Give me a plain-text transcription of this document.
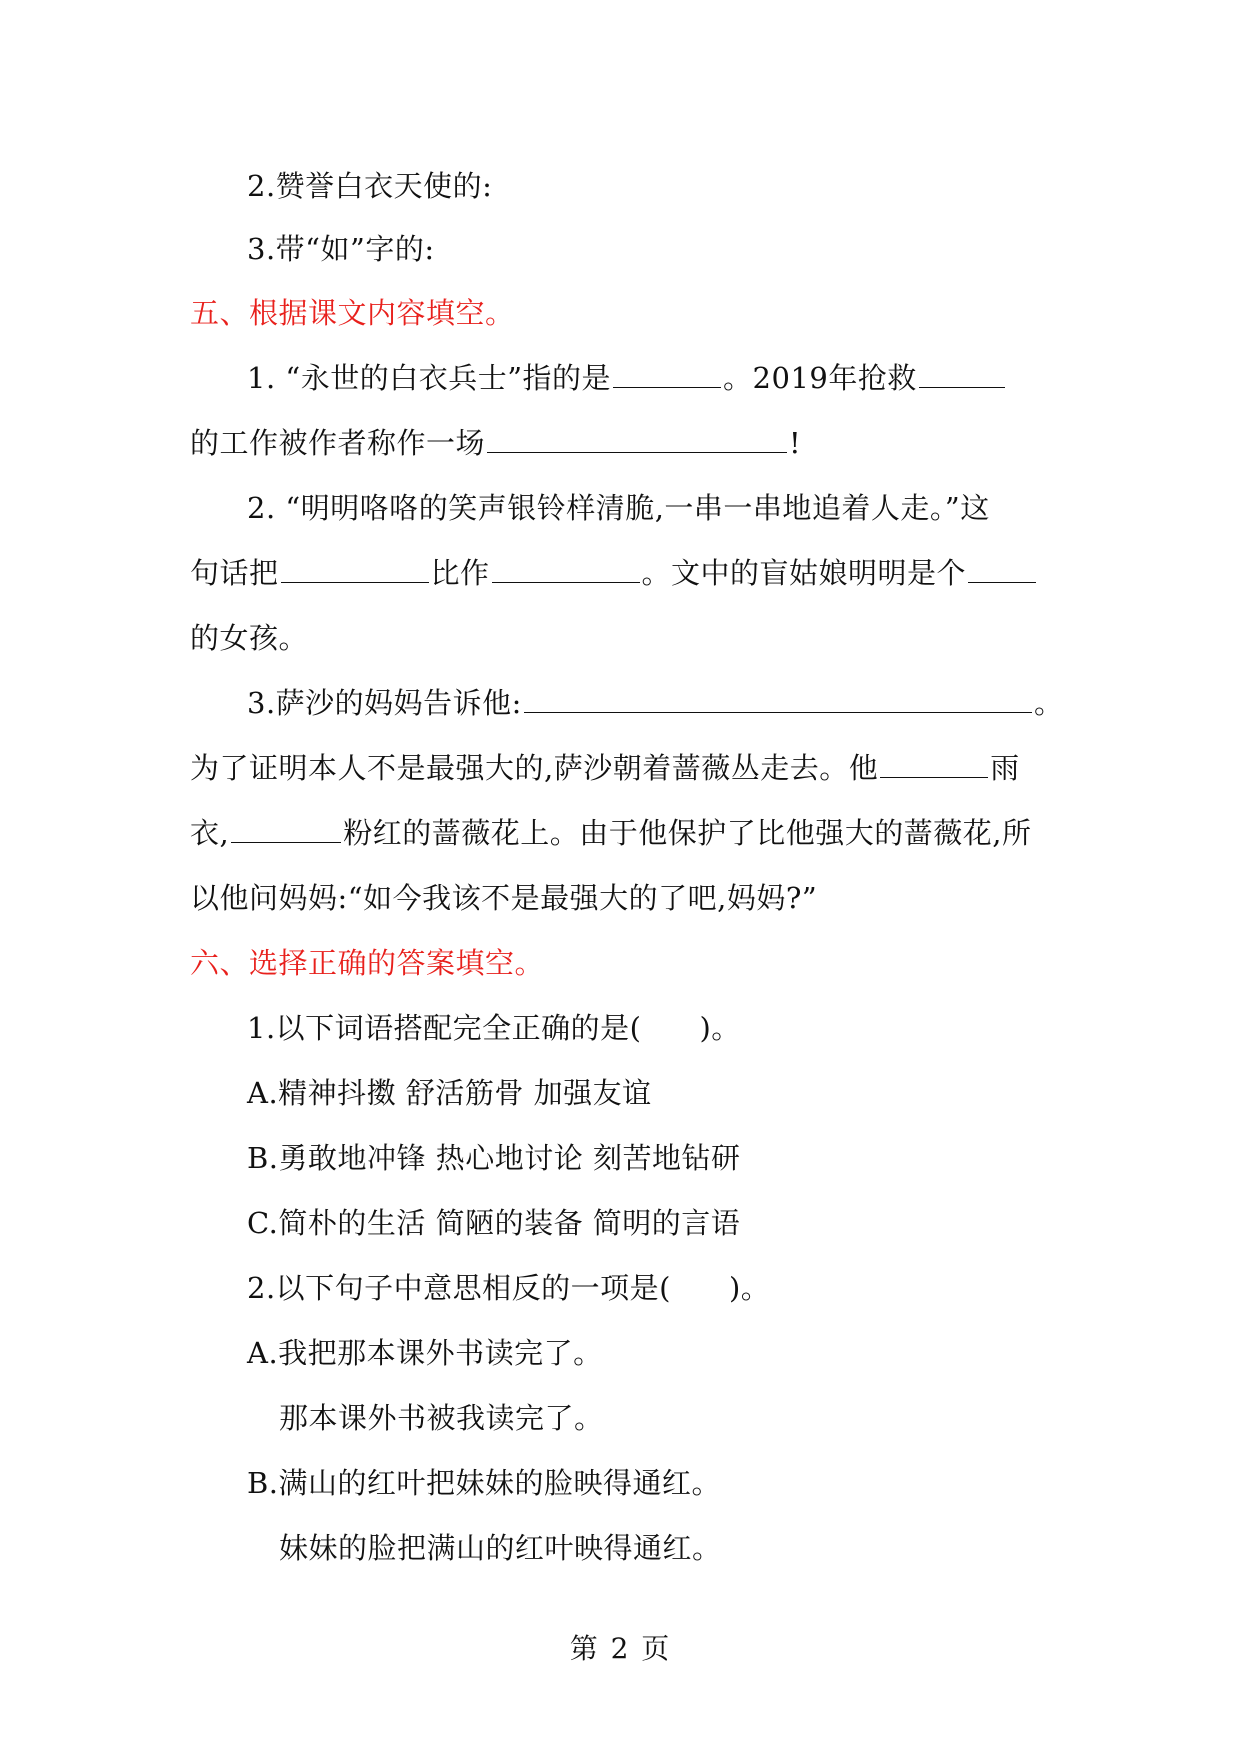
2.赞誉白衣天使的:
3.带“如”字的:
五、根据课文内容填空。
1. “永世的白衣兵士”指的是	。2019年抢救
的工作被作者称作一场	!
2. “明明咯咯的笑声银铃样清脆,一串一串地追着人走。”这
句话把	比作	。文中的盲姑娘明明是个
的女孩。
3.萨沙的妈妈告诉他:	。
为了证明本人不是最强大的,萨沙朝着蔷薇丛走去。他	雨
衣,	粉红的蔷薇花上。由于他保护了比他强大的蔷薇花,所
以他问妈妈:“如今我该不是最强大的了吧,妈妈?”
六、选择正确的答案填空。
1.以下词语搭配完全正确的是( )。
A.精神抖擞 舒活筋骨 加强友谊
B.勇敢地冲锋 热心地讨论 刻苦地钻研
C.简朴的生活 简陋的装备 简明的言语
2.以下句子中意思相反的一项是( )。
A.我把那本课外书读完了。
那本课外书被我读完了。
B.满山的红叶把妹妹的脸映得通红。
妹妹的脸把满山的红叶映得通红。
第 2 页
